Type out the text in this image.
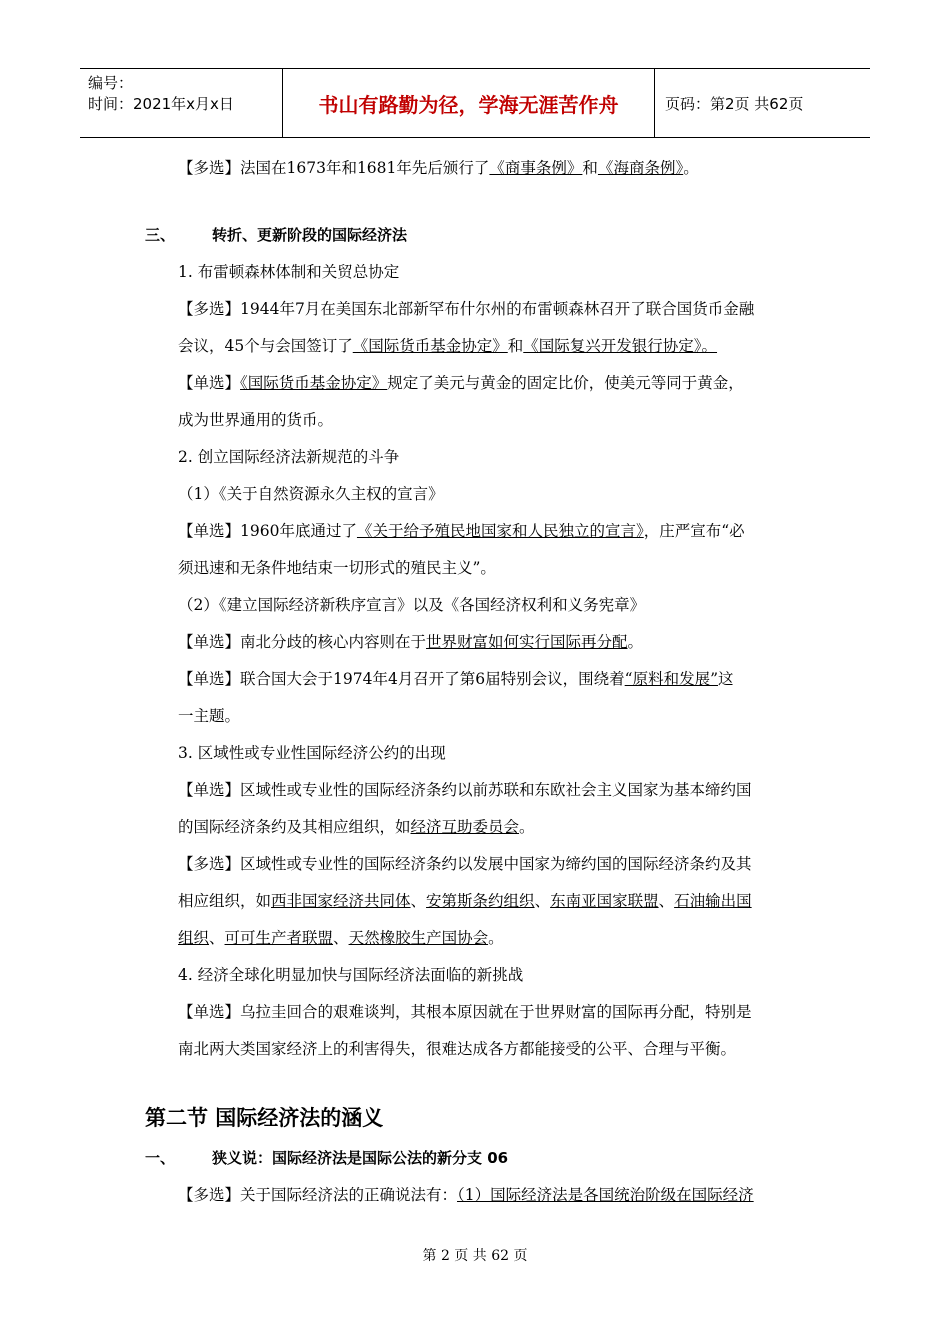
编号：
时间：2021年x月x日	书山有路勤为径，学海无涯苦作舟	页码：第2页 共62页

【多选】法国在1673年和1681年先后颁行了《商事条例》和《海商条例》。

三、	转折、更新阶段的国际经济法

1. 布雷顿森林体制和关贸总协定

【多选】1944年7月在美国东北部新罕布什尔州的布雷顿森林召开了联合国货币金融
会议，45个与会国签订了《国际货币基金协定》和《国际复兴开发银行协定》。

【单选】《国际货币基金协定》规定了美元与黄金的固定比价，使美元等同于黄金，
成为世界通用的货币。

2. 创立国际经济法新规范的斗争

（1）《关于自然资源永久主权的宣言》

【单选】1960年底通过了《关于给予殖民地国家和人民独立的宣言》，庄严宣布“必
须迅速和无条件地结束一切形式的殖民主义”。

（2）《建立国际经济新秩序宣言》以及《各国经济权利和义务宪章》

【单选】南北分歧的核心内容则在于世界财富如何实行国际再分配。

【单选】联合国大会于1974年4月召开了第6届特别会议，围绕着“原料和发展”这
一主题。

3. 区域性或专业性国际经济公约的出现

【单选】区域性或专业性的国际经济条约以前苏联和东欧社会主义国家为基本缔约国
的国际经济条约及其相应组织，如经济互助委员会。

【多选】区域性或专业性的国际经济条约以发展中国家为缔约国的国际经济条约及其
相应组织，如西非国家经济共同体、安第斯条约组织、东南亚国家联盟、石油输出国
组织、可可生产者联盟、天然橡胶生产国协会。

4. 经济全球化明显加快与国际经济法面临的新挑战

【单选】乌拉圭回合的艰难谈判，其根本原因就在于世界财富的国际再分配，特别是
南北两大类国家经济上的利害得失，很难达成各方都能接受的公平、合理与平衡。

第二节 国际经济法的涵义

一、	狭义说：国际经济法是国际公法的新分支 06

【多选】关于国际经济法的正确说法有：（1）国际经济法是各国统治阶级在国际经济

第 2 页 共 62 页
